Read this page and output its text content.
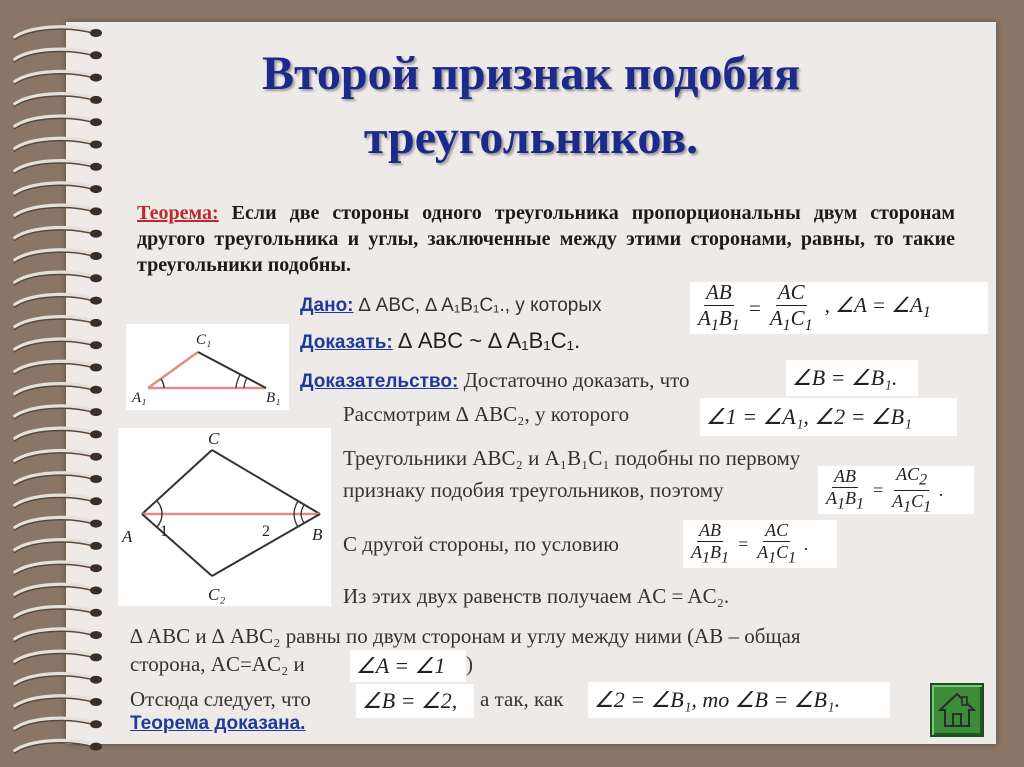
Второй признак подобия
треугольников.
Теорема: Если две стороны одного треугольника пропорциональны двум сторонам другого треугольника и углы, заключенные между этими сторонами, равны, то такие треугольники подобны.
Дано: ∆ ABC, ∆ A₁B₁C₁., у которых	$\frac{AB}{A_1B_1} = \frac{AC}{A_1C_1}$ , ∠A = $\angle A_1$
Доказать: ∆ ABC ~ ∆ A₁B₁C₁.
Доказательство: Достаточно доказать, что	∠B = ∠B₁.
Рассмотрим ∆ ABC₂, у которого	∠1 = ∠A₁, ∠2 = ∠B₁
Треугольники ABC₂ и A₁B₁C₁ подобны по первому
признаку подобия треугольников, поэтому	$\frac{AB}{A_1B_1} = \frac{AC_2}{A_1C_1}$ .
С другой стороны, по условию	$\frac{AB}{A_1B_1} = \frac{AC}{A_1C_1}$ .
Из этих двух равенств получаем AC = AC₂.
∆ ABC и ∆ ABC₂ равны по двум сторонам и углу между ними (AB – общая
сторона, AC=AC₂ и ∠A = ∠1 )
Отсюда следует, что ∠B = ∠2,	а так, как ∠2 = ∠B₁, то ∠B = ∠B₁.
Теорема доказана.
C₁
A₁	B₁
C
A	B
C₂
1	2
